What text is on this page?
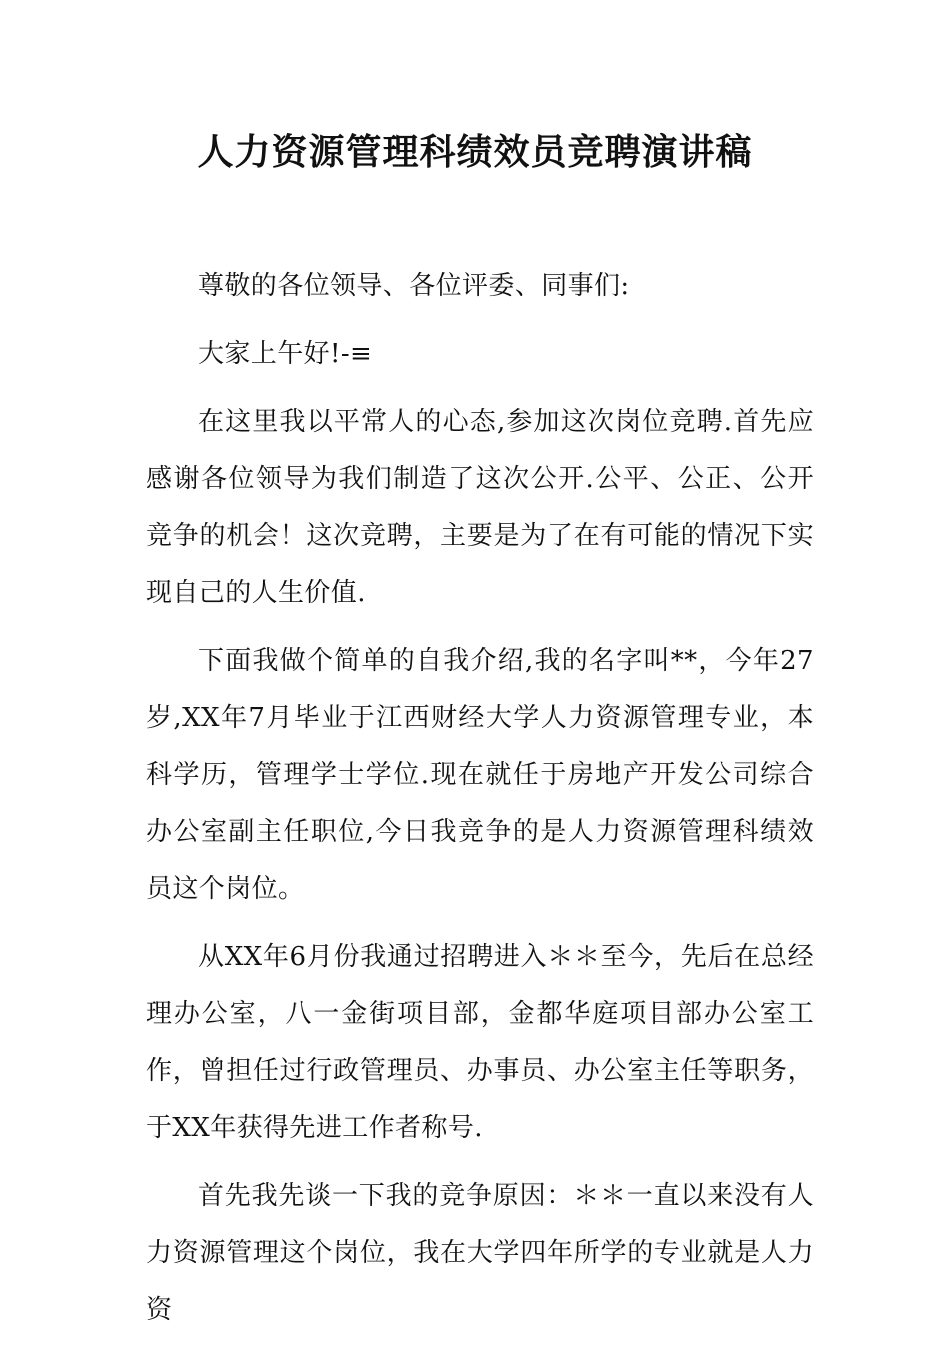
人力资源管理科绩效员竞聘演讲稿

尊敬的各位领导、各位评委、同事们:

大家上午好!-≡

在这里我以平常人的心态,参加这次岗位竞聘.首先应感谢各位领导为我们制造了这次公开.公平、公正、公开竞争的机会！这次竞聘，主要是为了在有可能的情况下实现自己的人生价值.

下面我做个简单的自我介绍,我的名字叫**，今年27岁,XX年7月毕业于江西财经大学人力资源管理专业，本科学历，管理学士学位.现在就任于房地产开发公司综合办公室副主任职位,今日我竞争的是人力资源管理科绩效员这个岗位。

从XX年6月份我通过招聘进入＊＊至今，先后在总经理办公室，八一金街项目部，金都华庭项目部办公室工作，曾担任过行政管理员、办事员、办公室主任等职务，于XX年获得先进工作者称号.

首先我先谈一下我的竞争原因：＊＊一直以来没有人力资源管理这个岗位，我在大学四年所学的专业就是人力资
